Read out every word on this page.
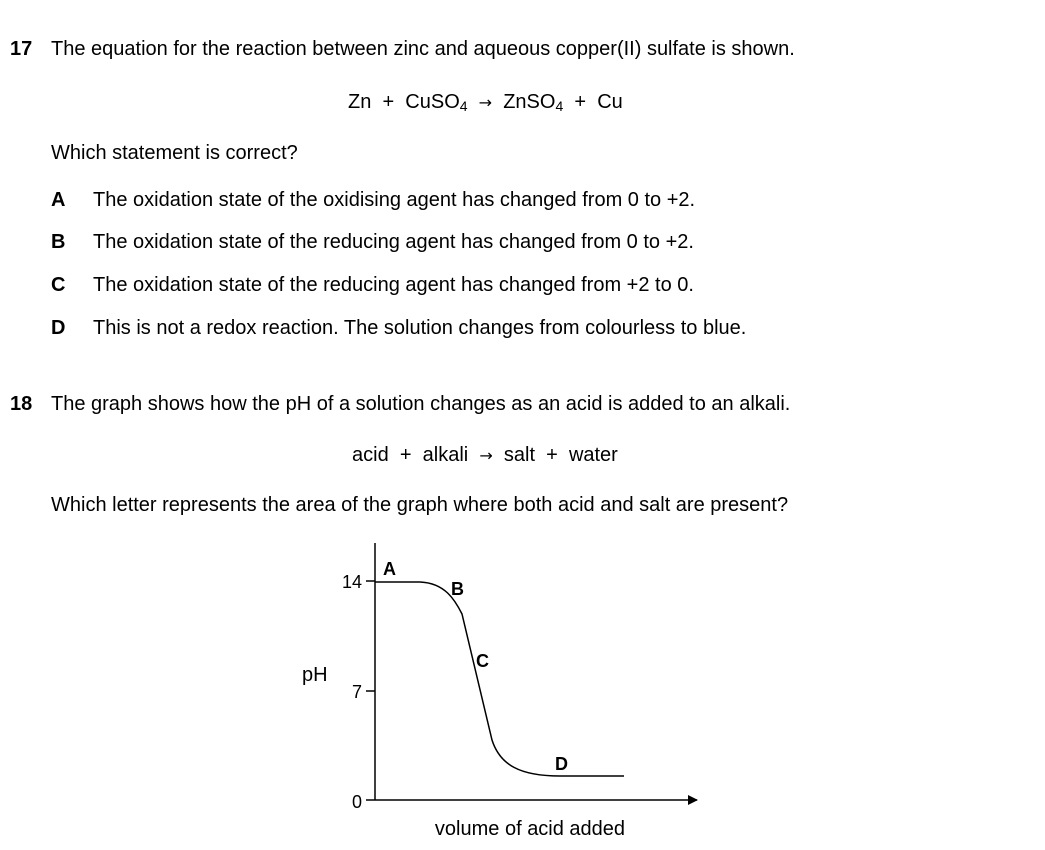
17 The equation for the reaction between zinc and aqueous copper(II) sulfate is shown.
Zn + CuSO$_4$ → ZnSO$_4$ + Cu
Which statement is correct?
A The oxidation state of the oxidising agent has changed from 0 to +2.
B The oxidation state of the reducing agent has changed from 0 to +2.
C The oxidation state of the reducing agent has changed from +2 to 0.
D This is not a redox reaction. The solution changes from colourless to blue.
18 The graph shows how the pH of a solution changes as an acid is added to an alkali.
acid + alkali → salt + water
Which letter represents the area of the graph where both acid and salt are present?
14
7
0
pH
volume of acid added
A
B
C
D
